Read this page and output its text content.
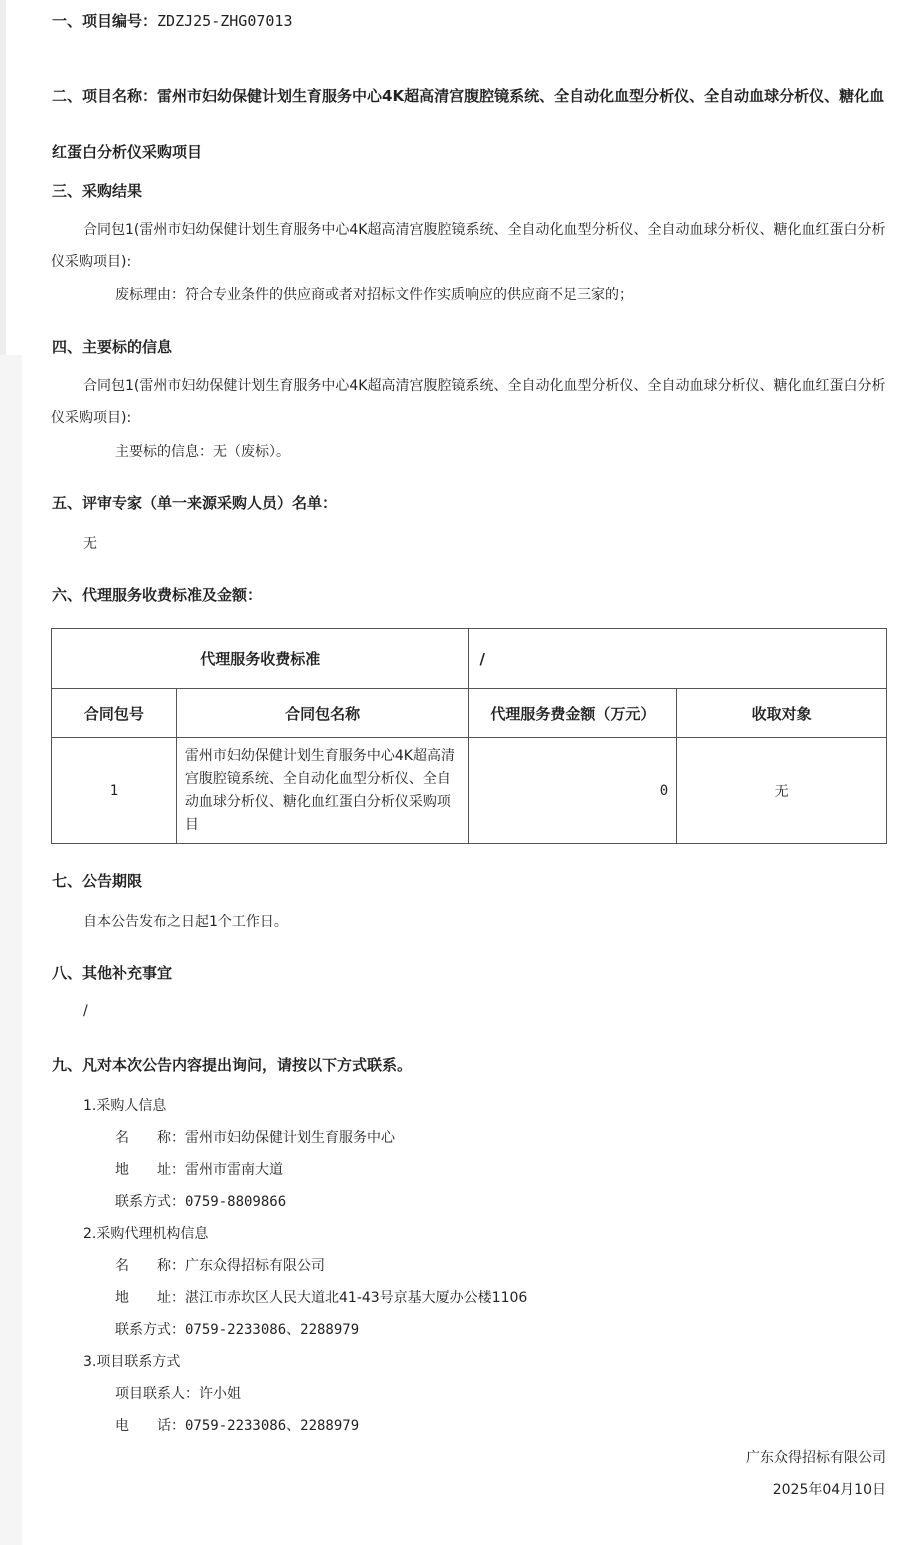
一、项目编号：ZDZJ25-ZHG07013
二、项目名称：雷州市妇幼保健计划生育服务中心4K超高清宫腹腔镜系统、全自动化血型分析仪、全自动血球分析仪、糖化血红蛋白分析仪采购项目
三、采购结果
合同包1(雷州市妇幼保健计划生育服务中心4K超高清宫腹腔镜系统、全自动化血型分析仪、全自动血球分析仪、糖化血红蛋白分析仪采购项目):
废标理由：符合专业条件的供应商或者对招标文件作实质响应的供应商不足三家的；
四、主要标的信息
合同包1(雷州市妇幼保健计划生育服务中心4K超高清宫腹腔镜系统、全自动化血型分析仪、全自动血球分析仪、糖化血红蛋白分析仪采购项目):
主要标的信息：无（废标）。
五、评审专家（单一来源采购人员）名单：
无
六、代理服务收费标准及金额：
代理服务收费标准		/	
合同包号	合同包名称	代理服务费金额（万元）	收取对象
1	雷州市妇幼保健计划生育服务中心4K超高清宫腹腔镜系统、全自动化血型分析仪、全自动血球分析仪、糖化血红蛋白分析仪采购项目	0	无
七、公告期限
自本公告发布之日起1个工作日。
八、其他补充事宜
/
九、凡对本次公告内容提出询问，请按以下方式联系。
1.采购人信息
名　　称：雷州市妇幼保健计划生育服务中心
地　　址：雷州市雷南大道
联系方式：0759-8809866
2.采购代理机构信息
名　　称：广东众得招标有限公司
地　　址：湛江市赤坎区人民大道北41-43号京基大厦办公楼1106
联系方式：0759-2233086、2288979
3.项目联系方式
项目联系人：许小姐
电　　话：0759-2233086、2288979
广东众得招标有限公司
2025年04月10日
